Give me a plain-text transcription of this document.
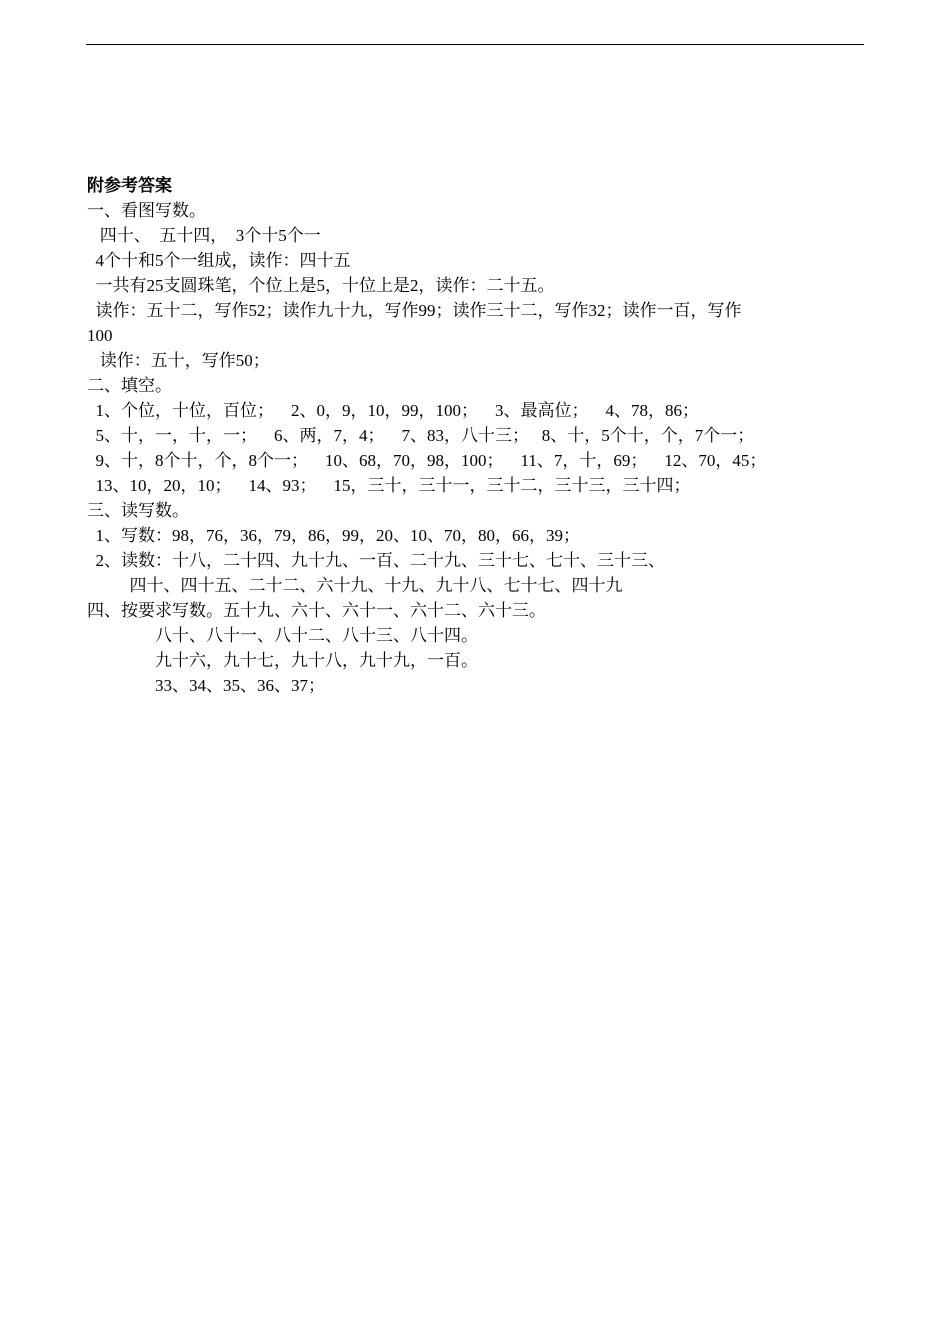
附参考答案
一、看图写数。
四十、  五十四，  3个十5个一
4个十和5个一组成，读作：四十五
一共有25支圆珠笔，个位上是5，十位上是2，读作：二十五。
读作：五十二，写作52；读作九十九，写作99；读作三十二，写作32；读作一百，写作
100
读作：五十，写作50；
二、填空。
1、个位，十位，百位；    2、0，9，10，99，100；    3、最高位；    4、78，86；
5、十，一，十，一；    6、两，7，4；    7、83，八十三；   8、十，5个十，个，7个一；
9、十，8个十，个，8个一；    10、68，70，98，100；    11、7，十，69；    12、70，45；
13、10，20，10；    14、93；    15，三十，三十一，三十二，三十三，三十四；
三、读写数。
1、写数：98，76，36，79，86，99，20、10、70，80，66，39；
2、读数：十八，二十四、九十九、一百、二十九、三十七、七十、三十三、
四十、四十五、二十二、六十九、十九、九十八、七十七、四十九
四、按要求写数。五十九、六十、六十一、六十二、六十三。
八十、八十一、八十二、八十三、八十四。
九十六，九十七，九十八，九十九，一百。
33、34、35、36、37；
